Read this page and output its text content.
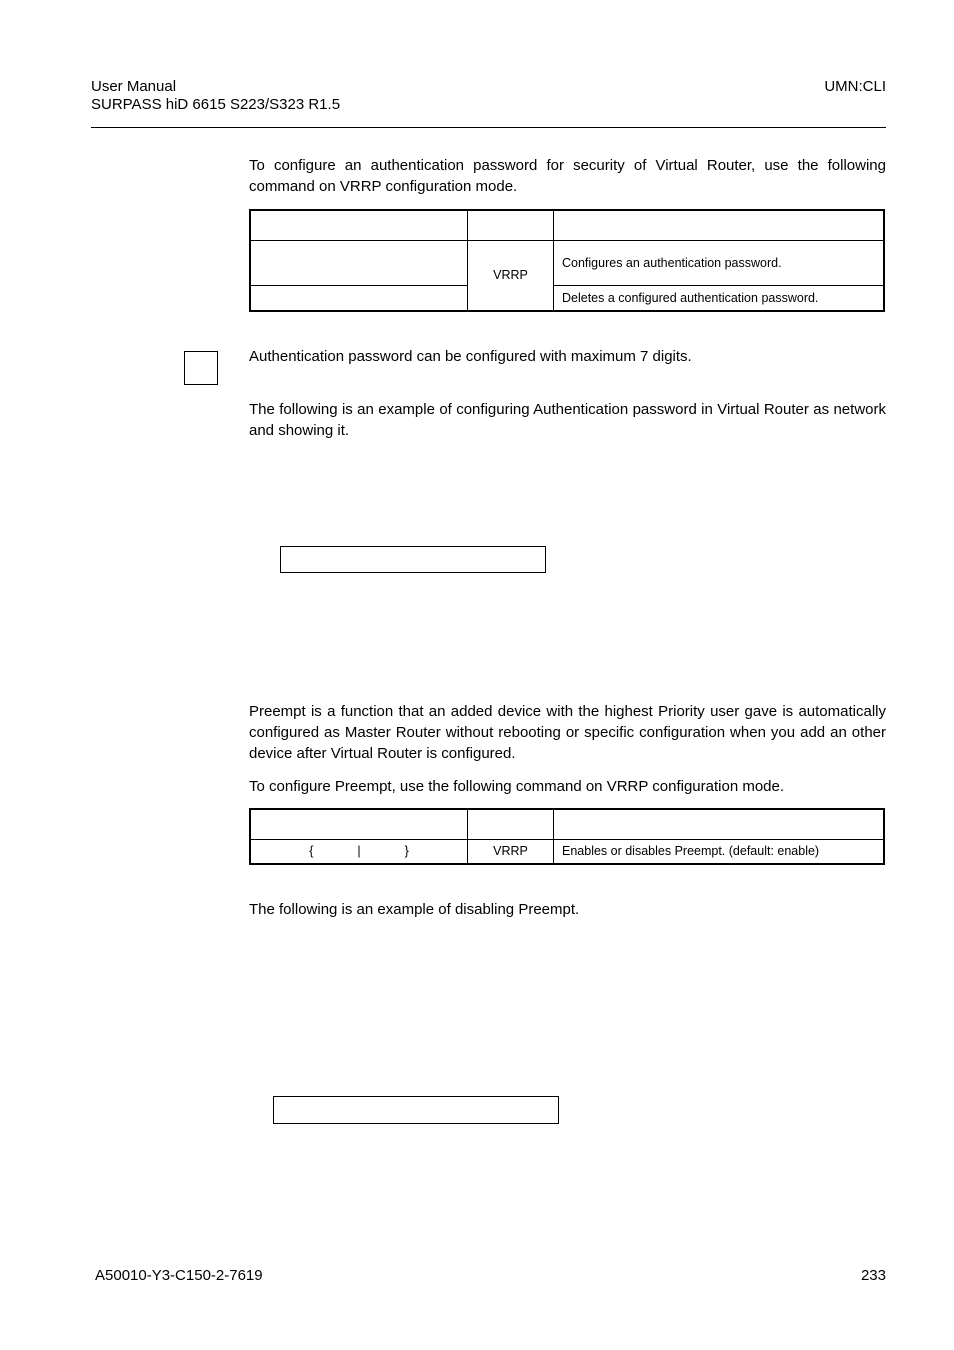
User Manual
SURPASS hiD 6615 S223/S323 R1.5
UMN:CLI
To configure an authentication password for security of Virtual Router, use the following command on VRRP configuration mode.

	VRRP	Configures an authentication password.
		Deletes a configured authentication password.
Authentication password can be configured with maximum 7 digits.
The following is an example of configuring Authentication password in Virtual Router as network and showing it.
Preempt is a function that an added device with the highest Priority user gave is automatically configured as Master Router without rebooting or specific configuration when you add an other device after Virtual Router is configured.
To configure Preempt, use the following command on VRRP configuration mode.

{ | }	VRRP	Enables or disables Preempt. (default: enable)
The following is an example of disabling Preempt.
A50010-Y3-C150-2-7619	233
